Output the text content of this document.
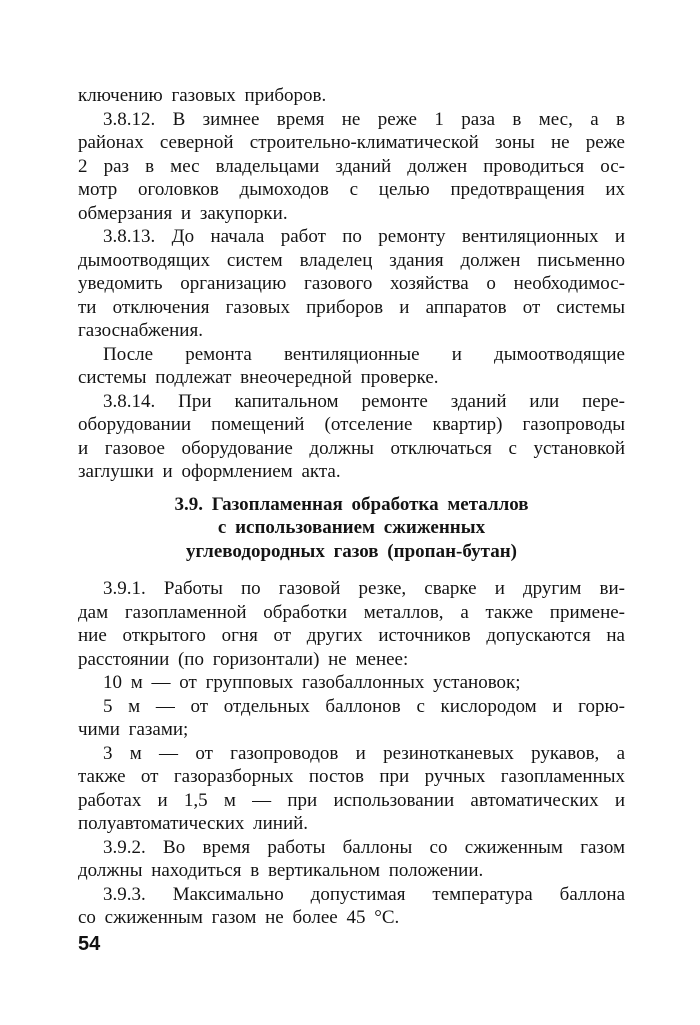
ключению газовых приборов.
3.8.12. В зимнее время не реже 1 раза в мес, а в
районах северной строительно-климатической зоны не реже
2 раз в мес владельцами зданий должен проводиться ос-
мотр оголовков дымоходов с целью предотвращения их
обмерзания и закупорки.
3.8.13. До начала работ по ремонту вентиляционных и
дымоотводящих систем владелец здания должен письменно
уведомить организацию газового хозяйства о необходимос-
ти отключения газовых приборов и аппаратов от системы
газоснабжения.
После ремонта вентиляционные и дымоотводящие
системы подлежат внеочередной проверке.
3.8.14. При капитальном ремонте зданий или пере-
оборудовании помещений (отселение квартир) газопроводы
и газовое оборудование должны отключаться с установкой
заглушки и оформлением акта.
3.9. Газопламенная обработка металлов
с использованием сжиженных
углеводородных газов (пропан-бутан)
3.9.1. Работы по газовой резке, сварке и другим ви-
дам газопламенной обработки металлов, а также примене-
ние открытого огня от других источников допускаются на
расстоянии (по горизонтали) не менее:
10 м — от групповых газобаллонных установок;
5 м — от отдельных баллонов с кислородом и горю-
чими газами;
3 м — от газопроводов и резинотканевых рукавов, а
также от газоразборных постов при ручных газопламенных
работах и 1,5 м — при использовании автоматических и
полуавтоматических линий.
3.9.2. Во время работы баллоны со сжиженным газом
должны находиться в вертикальном положении.
3.9.3. Максимально допустимая температура баллона
со сжиженным газом не более 45 °С.
54
